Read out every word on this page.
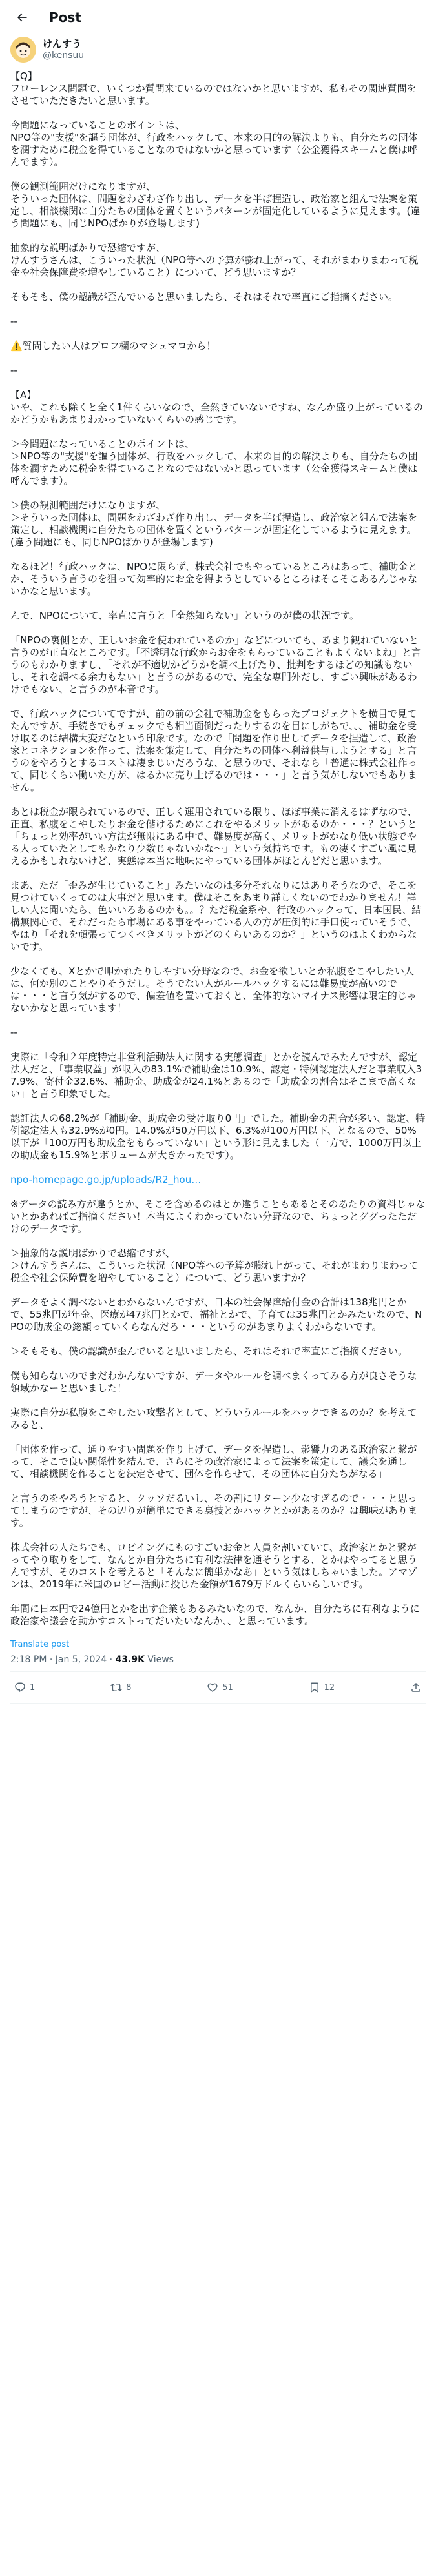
Post
けんすう
@kensuu

【Q】
フローレンス問題で、いくつか質問来ているのではないかと思いますが、私もその関連質問をさせていただきたいと思います。

今問題になっていることのポイントは、
NPO等の"支援"を謳う団体が、行政をハックして、本来の目的の解決よりも、自分たちの団体を潤すために税金を得ていることなのではないかと思っています（公金獲得スキームと僕は呼んでます）。

僕の観測範囲だけになりますが、
そういった団体は、問題をわざわざ作り出し、データを半ば捏造し、政治家と組んで法案を策定し、相談機関に自分たちの団体を置くというパターンが固定化しているように見えます。(違う問題にも、同じNPOばかりが登場します)

抽象的な説明ばかりで恐縮ですが、
けんすうさんは、こういった状況（NPO等への予算が膨れ上がって、それがまわりまわって税金や社会保障費を増やしていること）について、どう思いますか？

そもそも、僕の認識が歪んでいると思いましたら、それはそれで率直にご指摘ください。

--

⚠️質問したい人はプロフ欄のマシュマロから！

--

【A】
いや、これも除くと全く1件くらいなので、全然きていないですね、なんか盛り上がっているのかどうかもあまりわかっていないくらいの感じです。

＞今問題になっていることのポイントは、
＞NPO等の"支援"を謳う団体が、行政をハックして、本来の目的の解決よりも、自分たちの団体を潤すために税金を得ていることなのではないかと思っています（公金獲得スキームと僕は呼んでます）。

＞僕の観測範囲だけになりますが、
＞そういった団体は、問題をわざわざ作り出し、データを半ば捏造し、政治家と組んで法案を策定し、相談機関に自分たちの団体を置くというパターンが固定化しているように見えます。(違う問題にも、同じNPOばかりが登場します)

なるほど！行政ハックは、NPOに限らず、株式会社でもやっているところはあって、補助金とか、そういう言うのを狙って効率的にお金を得ようとしているところはそこそこあるんじゃないかなと思います。

んで、NPOについて、率直に言うと「全然知らない」というのが僕の状況です。

「NPOの裏側とか、正しいお金を使われているのか」などについても、あまり観れていないと言うのが正直なところです。「不透明な行政からお金をもらっていることもよくないよね」と言うのもわかりますし、「それが不適切かどうかを調べ上げたり、批判をするほどの知識もないし、それを調べる余力もない」と言うのがあるので、完全な専門外だし、すごい興味があるわけでもない、と言うのが本音です。

で、行政ハックについてですが、前の前の会社で補助金をもらったプロジェクトを横目で見てたんですが、手続きでもチェックでも相当面倒だったりするのを目にしがちで、、、補助金を受け取るのは結構大変だなという印象です。なので「問題を作り出してデータを捏造して、政治家とコネクションを作って、法案を策定して、自分たちの団体へ利益供与しようとする」と言うのをやろうとするコストは凄まじいだろうな、と思うので、それなら「普通に株式会社作って、同じくらい働いた方が、はるかに売り上げるのでは・・・」と言う気がしないでもありません。

あとは税金が限られているので、正しく運用されている限り、ほぼ事業に消えるはずなので、正直、私腹をこやしたりお金を儲けるためにこれをやるメリットがあるのか・・・？というと「ちょっと効率がいい方法が無限にある中で、難易度が高く、メリットがかなり低い状態でやる人っていたとしてもかなり少数じゃないかな～」という気持ちです。もの凄くすごい風に見えるかもしれないけど、実態は本当に地味にやっている団体がほとんどだと思います。

まあ、ただ「歪みが生じていること」みたいなのは多分それなりにはありそうなので、そこを見つけていくってのは大事だと思います。僕はそこをあまり詳しくないのでわかりません！詳しい人に聞いたら、色いいろあるのかも。。？ただ税金系や、行政のハックって、日本国民、結構無関心で、それだったら市場にある事をやっている人の方が圧倒的に手口使っていそうで、やはり「それを頑張ってつくべきメリットがどのくらいあるのか？」というのはよくわからないです。

少なくても、Xとかで叩かれたりしやすい分野なので、お金を欲しいとか私腹をこやしたい人は、何か別のことやりそうだし。そうでない人がルールハックするには難易度が高いのでは・・・と言う気がするので、偏差値を置いておくと、全体的ないマイナス影響は限定的じゃないかなと思っています！

--

実際に「令和２年度特定非営利活動法人に関する実態調査」とかを読んでみたんですが、認定法人だと、「事業収益」が収入の83.1%で補助金は10.9%、認定・特例認定法人だと事業収入37.9%、寄付金32.6%、補助金、助成金が24.1%とあるので「助成金の割合はそこまで高くない」と言う印象でした。

認証法人の68.2%が「補助金、助成金の受け取り0円」でした。補助金の割合が多い、認定、特例認定法人も32.9%が0円。14.0%が50万円以下、6.3%が100万円以下、となるので、50%以下が「100万円も助成金をもらっていない」という形に見えました（一方で、1000万円以上の助成金も15.9%とボリュームが大きかったです）。

npo-homepage.go.jp/uploads/R2_hou…

※データの読み方が違うとか、そこを含めるのはとか違うこともあるとそのあたりの資料じゃないとかあればご指摘ください！本当によくわかっていない分野なので、ちょっとググったただけのデータです。

＞抽象的な説明ばかりで恐縮ですが、
＞けんすうさんは、こういった状況（NPO等への予算が膨れ上がって、それがまわりまわって税金や社会保障費を増やしていること）について、どう思いますか？

データをよく調べないとわからないんですが、日本の社会保障給付金の合計は138兆円とかで、55兆円が年金、医療が47兆円とかで、福祉とかで、子育ては35兆円とかみたいなので、NPOの助成金の総額っていくらなんだろ・・・というのがあまりよくわからないです。

＞そもそも、僕の認識が歪んでいると思いましたら、それはそれで率直にご指摘ください。

僕も知らないのでまだわかんないですが、データやルールを調べまくってみる方が良さそうな領域かなーと思いました！

実際に自分が私腹をこやしたい攻撃者として、どういうルールをハックできるのか？を考えてみると、

「団体を作って、通りやすい問題を作り上げて、データを捏造し、影響力のある政治家と繋がって、そこで良い関係性を結んで、さらにその政治家によって法案を策定して、議会を通して、相談機関を作ることを決定させて、団体を作らせて、その団体に自分たちがなる」

と言うのをやろうとすると、クッソだるいし、その割にリターン少なすぎるので・・・と思ってしまうのですが、その辺りが簡単にできる裏技とかハックとかがあるのか？は興味があります。

株式会社の人たちでも、ロビイングにものすごいお金と人員を割いていて、政治家とかと繋がってやり取りをして、なんとか自分たちに有利な法律を通そうとする、とかはやってると思うんですが、そのコストを考えると「そんなに簡単かなあ」という気はしちゃいました。アマゾンは、2019年に米国のロビー活動に投じた金額が1679万ドルくらいらしいです。

年間に日本円で24億円とかを出す企業もあるみたいなので、なんか、自分たちに有利なように政治家や議会を動かすコストってだいたいなんか、、と思っています。

Translate post
2:18 PM · Jan 5, 2024 · 43.9K Views
1	8	51	12
